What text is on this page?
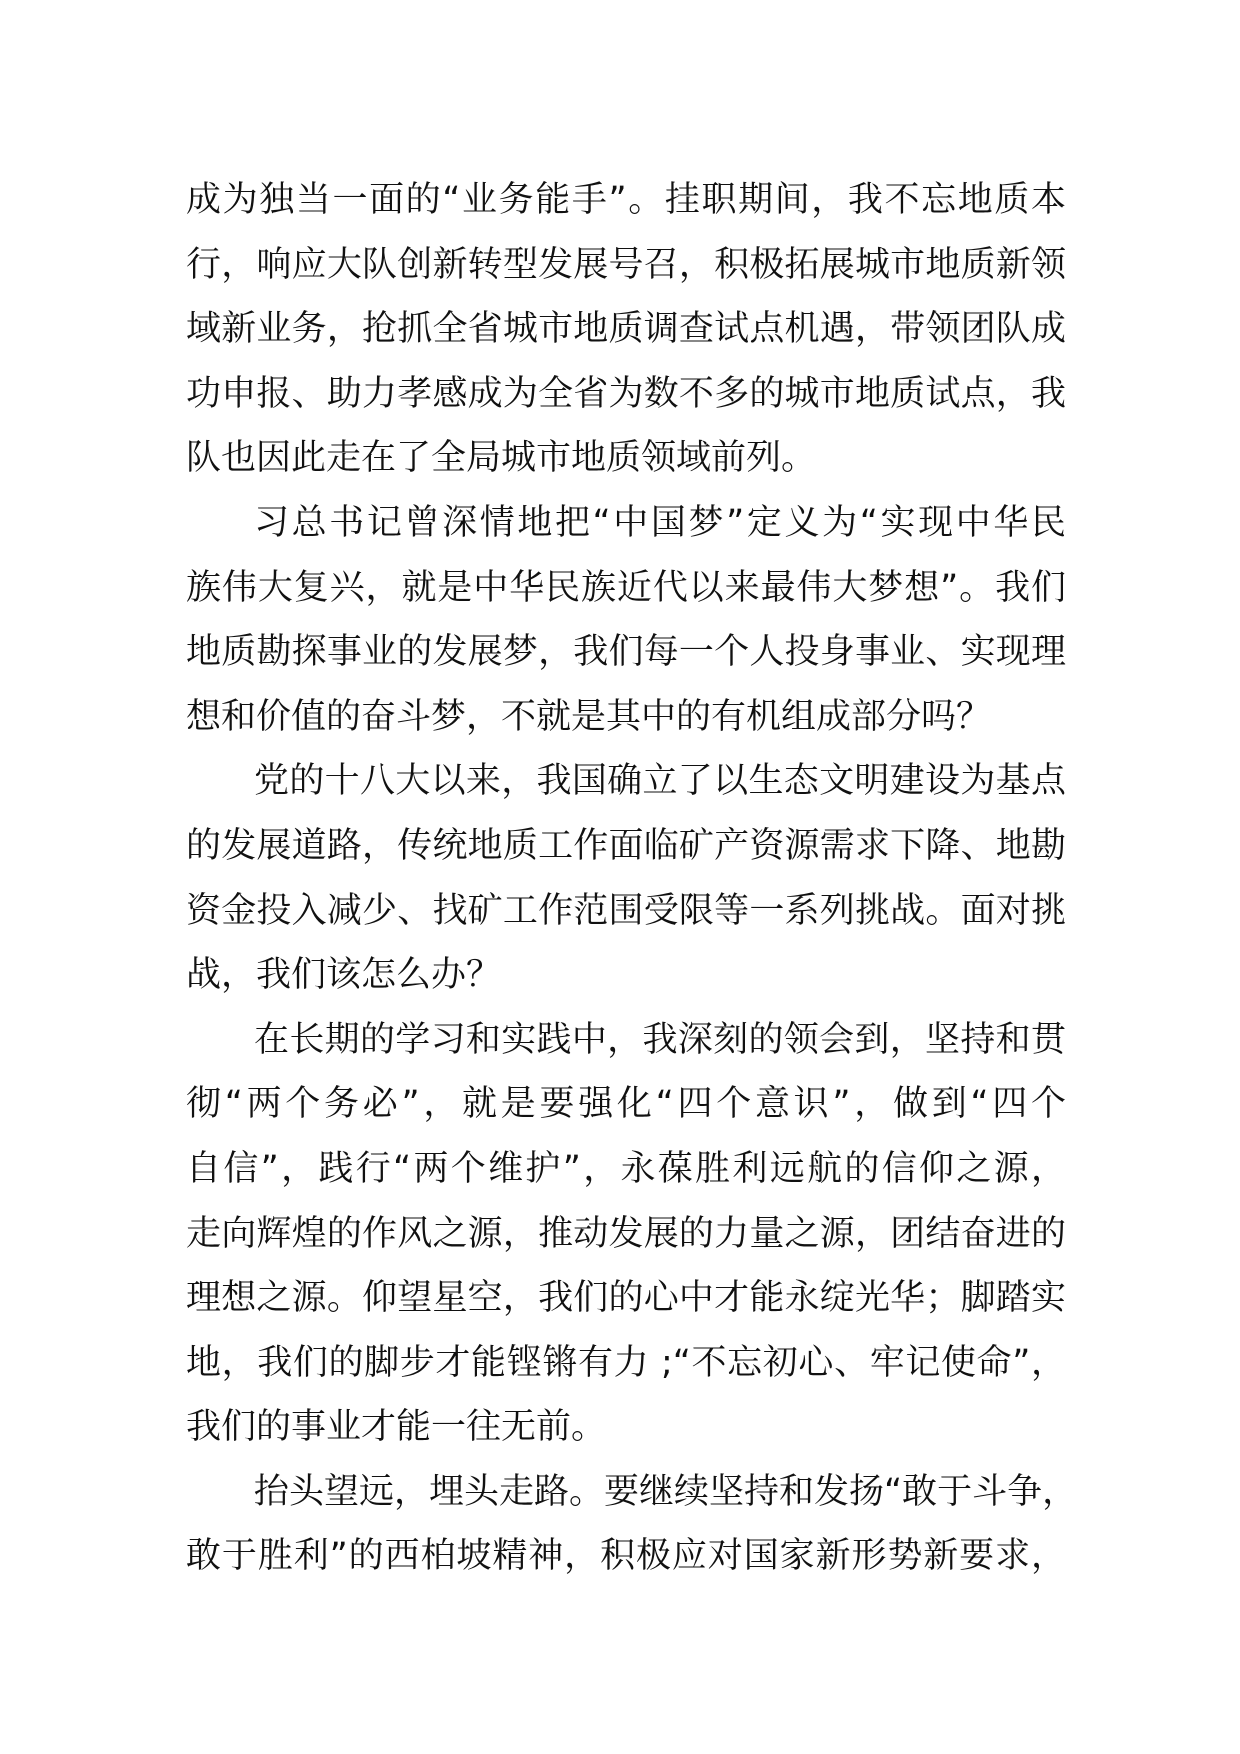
成为独当一面的“业务能手”。挂职期间，我不忘地质本
行，响应大队创新转型发展号召，积极拓展城市地质新领
域新业务，抢抓全省城市地质调查试点机遇，带领团队成
功申报、助力孝感成为全省为数不多的城市地质试点，我
队也因此走在了全局城市地质领域前列。
习总书记曾深情地把“中国梦”定义为“实现中华民
族伟大复兴，就是中华民族近代以来最伟大梦想”。我们
地质勘探事业的发展梦，我们每一个人投身事业、实现理
想和价值的奋斗梦，不就是其中的有机组成部分吗？
党的十八大以来，我国确立了以生态文明建设为基点
的发展道路，传统地质工作面临矿产资源需求下降、地勘
资金投入减少、找矿工作范围受限等一系列挑战。面对挑
战，我们该怎么办？
在长期的学习和实践中，我深刻的领会到，坚持和贯
彻“两个务必”，就是要强化“四个意识”，做到“四个
自信”，践行“两个维护”，永葆胜利远航的信仰之源，
走向辉煌的作风之源，推动发展的力量之源，团结奋进的
理想之源。仰望星空，我们的心中才能永绽光华；脚踏实
地，我们的脚步才能铿锵有力 ;“不忘初心、牢记使命”，
我们的事业才能一往无前。
抬头望远，埋头走路。要继续坚持和发扬“敢于斗争，
敢于胜利”的西柏坡精神，积极应对国家新形势新要求，
